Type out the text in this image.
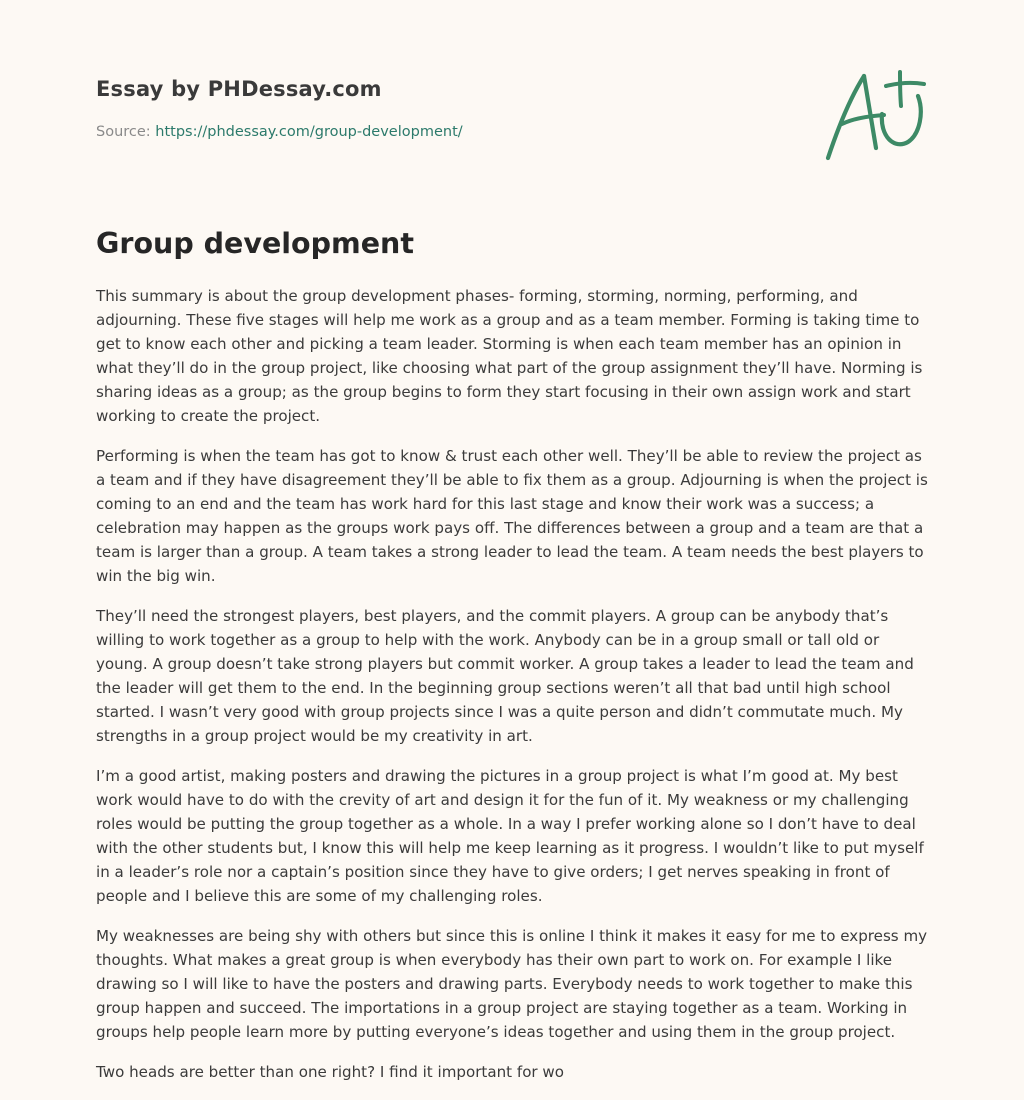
Essay by PHDessay.com
Source: https://phdessay.com/group-development/
Group development

This summary is about the group development phases- forming, storming, norming, performing, and adjourning. These five stages will help me work as a group and as a team member. Forming is taking time to get to know each other and picking a team leader. Storming is when each team member has an opinion in what they’ll do in the group project, like choosing what part of the group assignment they’ll have. Norming is sharing ideas as a group; as the group begins to form they start focusing in their own assign work and start working to create the project.

Performing is when the team has got to know & trust each other well. They’ll be able to review the project as a team and if they have disagreement they’ll be able to fix them as a group. Adjourning is when the project is coming to an end and the team has work hard for this last stage and know their work was a success; a celebration may happen as the groups work pays off. The differences between a group and a team are that a team is larger than a group. A team takes a strong leader to lead the team. A team needs the best players to win the big win.

They’ll need the strongest players, best players, and the commit players. A group can be anybody that’s willing to work together as a group to help with the work. Anybody can be in a group small or tall old or young. A group doesn’t take strong players but commit worker. A group takes a leader to lead the team and the leader will get them to the end. In the beginning group sections weren’t all that bad until high school started. I wasn’t very good with group projects since I was a quite person and didn’t commutate much. My strengths in a group project would be my creativity in art.

I’m a good artist, making posters and drawing the pictures in a group project is what I’m good at. My best work would have to do with the crevity of art and design it for the fun of it. My weakness or my challenging roles would be putting the group together as a whole. In a way I prefer working alone so I don’t have to deal with the other students but, I know this will help me keep learning as it progress. I wouldn’t like to put myself in a leader’s role nor a captain’s position since they have to give orders; I get nerves speaking in front of people and I believe this are some of my challenging roles.

My weaknesses are being shy with others but since this is online I think it makes it easy for me to express my thoughts. What makes a great group is when everybody has their own part to work on. For example I like drawing so I will like to have the posters and drawing parts. Everybody needs to work together to make this group happen and succeed. The importations in a group project are staying together as a team. Working in groups help people learn more by putting everyone’s ideas together and using them in the group project.

Two heads are better than one right? I find it important for wo
